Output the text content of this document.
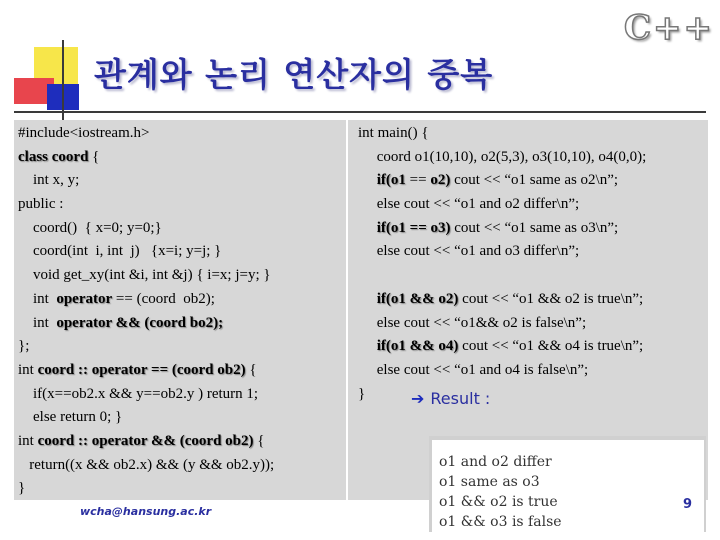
관계와 논리 연산자의 중복
C++
#include<iostream.h>
class coord {
int x, y;
public :
coord()  { x=0; y=0;}
coord(int  i, int  j)   {x=i; y=j; }
void get_xy(int &i, int &j) { i=x; j=y; }
int  operator == (coord  ob2);
int  operator && (coord bo2);
};
int coord :: operator == (coord ob2) {
if(x==ob2.x && y==ob2.y ) return 1;
else return 0; }
int coord :: operator && (coord ob2) {
return((x && ob2.x) && (y && ob2.y));
}
int main() {
coord o1(10,10), o2(5,3), o3(10,10), o4(0,0);
if(o1 == o2) cout << “o1 same as o2\n”;
else cout << “o1 and o2 differ\n”;
if(o1 == o3) cout << “o1 same as o3\n”;
else cout << “o1 and o3 differ\n”;
if(o1 && o2) cout << “o1 && o2 is true\n”;
else cout << “o1&& o2 is false\n”;
if(o1 && o4) cout << “o1 && o4 is true\n”;
else cout << “o1 and o4 is false\n”;
}	➔ Result :
o1 and o2 differ
o1 same as o3
o1 && o2 is true
o1 && o3 is false
wcha@hansung.ac.kr	9
